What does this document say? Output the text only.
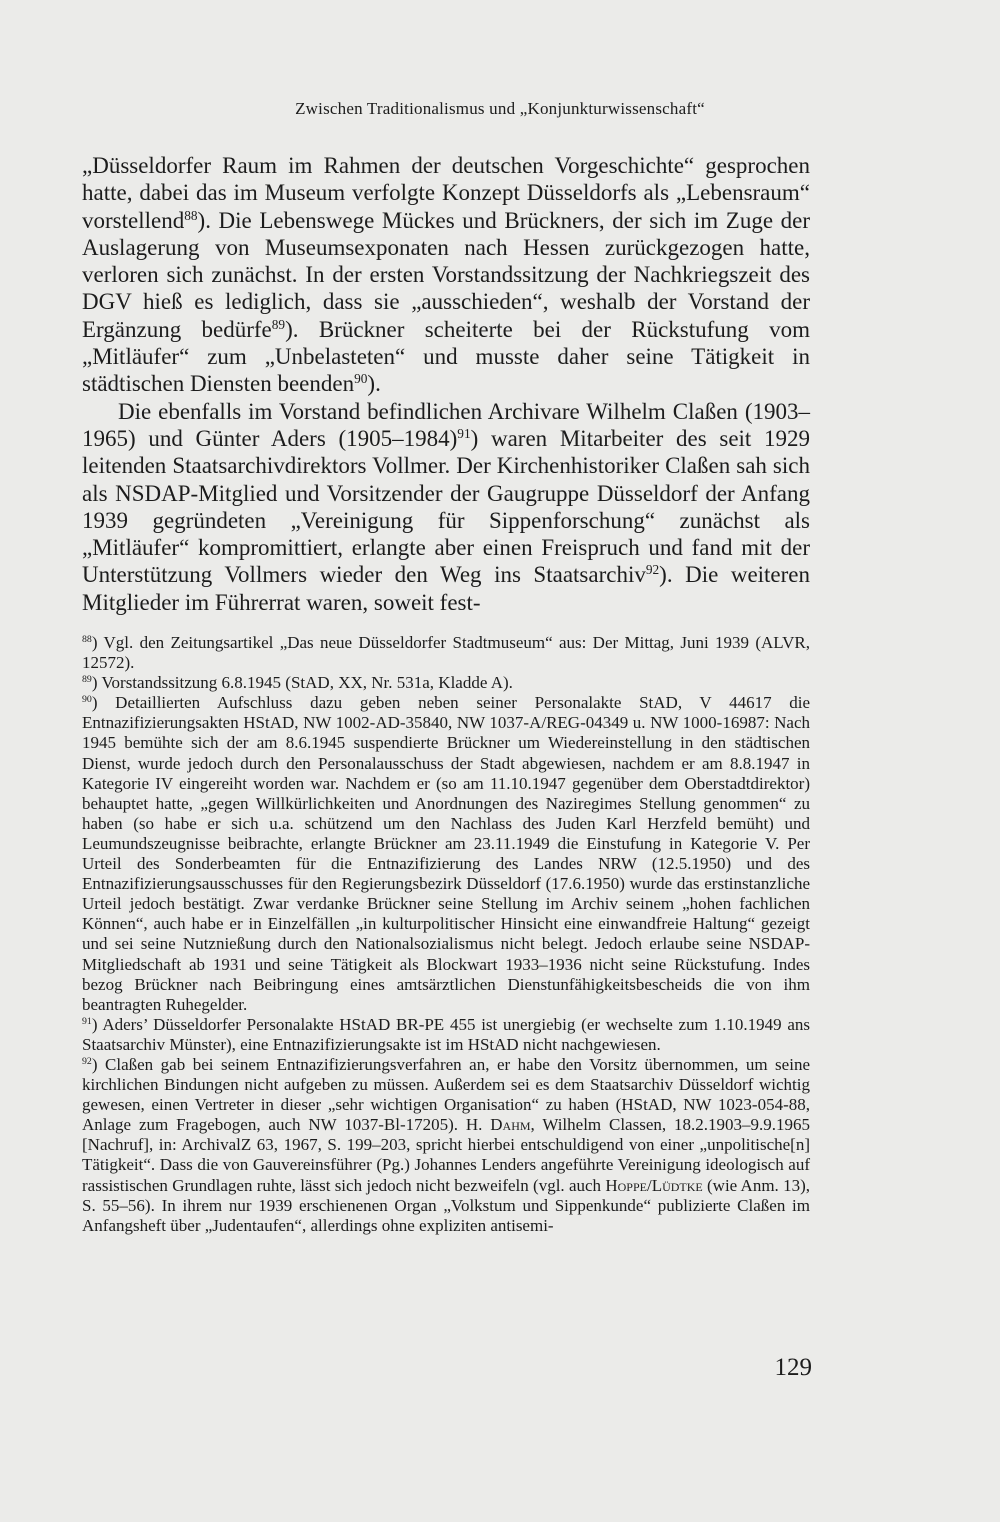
Zwischen Traditionalismus und „Konjunkturwissenschaft“

„Düsseldorfer Raum im Rahmen der deutschen Vorgeschichte“ gesprochen hatte, dabei das im Museum verfolgte Konzept Düsseldorfs als „Lebensraum“ vorstellend$^{88}$). Die Lebenswege Mückes und Brückners, der sich im Zuge der Auslagerung von Museumsexponaten nach Hessen zurückgezogen hatte, verloren sich zunächst. In der ersten Vorstandssitzung der Nachkriegszeit des DGV hieß es lediglich, dass sie „ausschieden“, weshalb der Vorstand der Ergänzung bedürfe$^{89}$). Brückner scheiterte bei der Rückstufung vom „Mitläufer“ zum „Unbelasteten“ und musste daher seine Tätigkeit in städtischen Diensten beenden$^{90}$).

Die ebenfalls im Vorstand befindlichen Archivare Wilhelm Claßen (1903–1965) und Günter Aders (1905–1984)$^{91}$) waren Mitarbeiter des seit 1929 leitenden Staatsarchivdirektors Vollmer. Der Kirchenhistoriker Claßen sah sich als NSDAP-Mitglied und Vorsitzender der Gaugruppe Düsseldorf der Anfang 1939 gegründeten „Vereinigung für Sippenforschung“ zunächst als „Mitläufer“ kompromittiert, erlangte aber einen Freispruch und fand mit der Unterstützung Vollmers wieder den Weg ins Staatsarchiv$^{92}$). Die weiteren Mitglieder im Führerrat waren, soweit fest-

$^{88}$) Vgl. den Zeitungsartikel „Das neue Düsseldorfer Stadtmuseum“ aus: Der Mittag, Juni 1939 (ALVR, 12572).

$^{89}$) Vorstandssitzung 6.8.1945 (StAD, XX, Nr. 531a, Kladde A).

$^{90}$) Detaillierten Aufschluss dazu geben neben seiner Personalakte StAD, V 44617 die Entnazifizierungsakten HStAD, NW 1002-AD-35840, NW 1037-A/REG-04349 u. NW 1000-16987: Nach 1945 bemühte sich der am 8.6.1945 suspendierte Brückner um Wiedereinstellung in den städtischen Dienst, wurde jedoch durch den Personalausschuss der Stadt abgewiesen, nachdem er am 8.8.1947 in Kategorie IV eingereiht worden war. Nachdem er (so am 11.10.1947 gegenüber dem Oberstadtdirektor) behauptet hatte, „gegen Willkürlichkeiten und Anordnungen des Naziregimes Stellung genommen“ zu haben (so habe er sich u.a. schützend um den Nachlass des Juden Karl Herzfeld bemüht) und Leumundszeugnisse beibrachte, erlangte Brückner am 23.11.1949 die Einstufung in Kategorie V. Per Urteil des Sonderbeamten für die Entnazifizierung des Landes NRW (12.5.1950) und des Entnazifizierungsausschusses für den Regierungsbezirk Düsseldorf (17.6.1950) wurde das erstinstanzliche Urteil jedoch bestätigt. Zwar verdanke Brückner seine Stellung im Archiv seinem „hohen fachlichen Können“, auch habe er in Einzelfällen „in kulturpolitischer Hinsicht eine einwandfreie Haltung“ gezeigt und sei seine Nutznießung durch den Nationalsozialismus nicht belegt. Jedoch erlaube seine NSDAP-Mitgliedschaft ab 1931 und seine Tätigkeit als Blockwart 1933–1936 nicht seine Rückstufung. Indes bezog Brückner nach Beibringung eines amtsärztlichen Dienstunfähigkeitsbescheids die von ihm beantragten Ruhegelder.

$^{91}$) Aders’ Düsseldorfer Personalakte HStAD BR-PE 455 ist unergiebig (er wechselte zum 1.10.1949 ans Staatsarchiv Münster), eine Entnazifizierungsakte ist im HStAD nicht nachgewiesen.

$^{92}$) Claßen gab bei seinem Entnazifizierungsverfahren an, er habe den Vorsitz übernommen, um seine kirchlichen Bindungen nicht aufgeben zu müssen. Außerdem sei es dem Staatsarchiv Düsseldorf wichtig gewesen, einen Vertreter in dieser „sehr wichtigen Organisation“ zu haben (HStAD, NW 1023-054-88, Anlage zum Fragebogen, auch NW 1037-Bl-17205). H. Dahm, Wilhelm Classen, 18.2.1903–9.9.1965 [Nachruf], in: ArchivalZ 63, 1967, S. 199–203, spricht hierbei entschuldigend von einer „unpolitische[n] Tätigkeit“. Dass die von Gauvereinsführer (Pg.) Johannes Lenders angeführte Vereinigung ideologisch auf rassistischen Grundlagen ruhte, lässt sich jedoch nicht bezweifeln (vgl. auch Hoppe/Lüdtke (wie Anm. 13), S. 55–56). In ihrem nur 1939 erschienenen Organ „Volkstum und Sippenkunde“ publizierte Claßen im Anfangsheft über „Judentaufen“, allerdings ohne expliziten antisemi-

129
